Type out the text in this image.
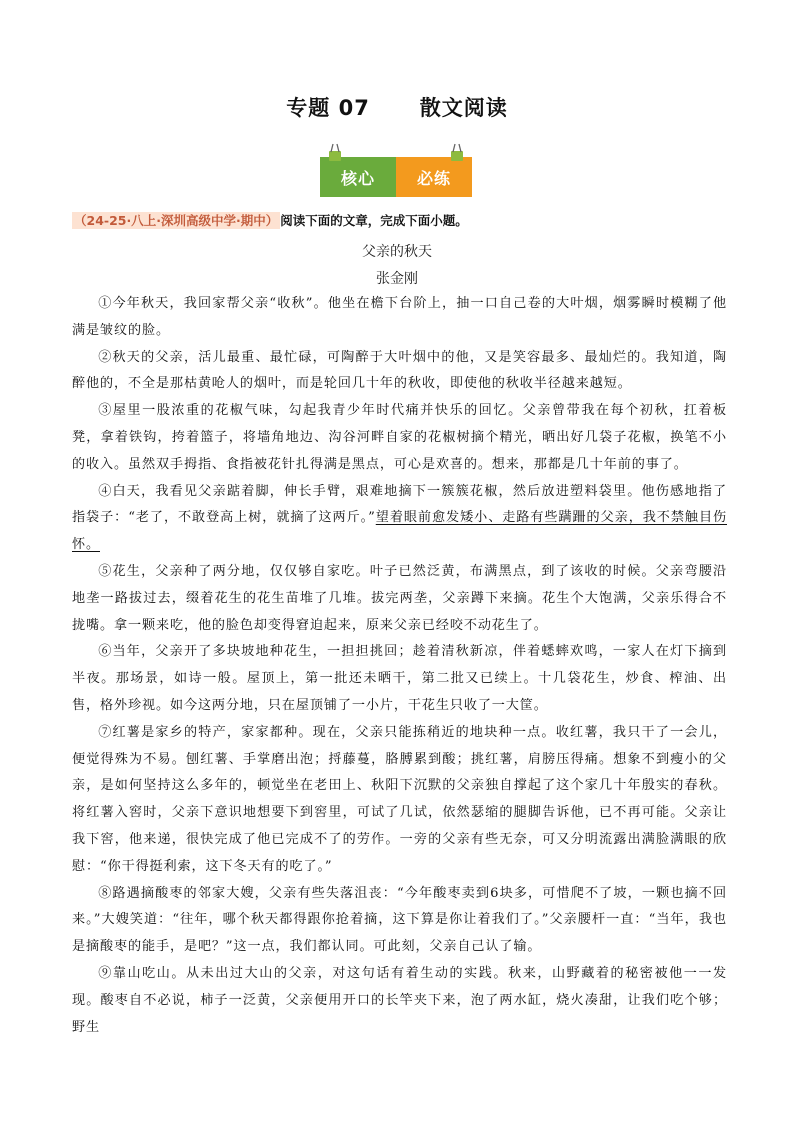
专题 07      散文阅读
核心	必练
（24-25·八上·深圳高级中学·期中） 阅读下面的文章，完成下面小题。
父亲的秋天
张金刚

①今年秋天，我回家帮父亲“收秋”。他坐在檐下台阶上，抽一口自己卷的大叶烟，烟雾瞬时模糊了他满是皱纹的脸。

②秋天的父亲，活儿最重、最忙碌，可陶醉于大叶烟中的他，又是笑容最多、最灿烂的。我知道，陶醉他的，不全是那枯黄呛人的烟叶，而是轮回几十年的秋收，即使他的秋收半径越来越短。

③屋里一股浓重的花椒气味，勾起我青少年时代痛并快乐的回忆。父亲曾带我在每个初秋，扛着板凳，拿着铁钩，挎着篮子，将墙角地边、沟谷河畔自家的花椒树摘个精光，晒出好几袋子花椒，换笔不小的收入。虽然双手拇指、食指被花针扎得满是黑点，可心是欢喜的。想来，那都是几十年前的事了。

④白天，我看见父亲踮着脚，伸长手臂，艰难地摘下一簇簇花椒，然后放进塑料袋里。他伤感地指了指袋子：“老了，不敢登高上树，就摘了这两斤。”望着眼前愈发矮小、走路有些蹒跚的父亲，我不禁触目伤怀。

⑤花生，父亲种了两分地，仅仅够自家吃。叶子已然泛黄，布满黑点，到了该收的时候。父亲弯腰沿地垄一路拔过去，缀着花生的花生苗堆了几堆。拔完两垄，父亲蹲下来摘。花生个大饱满，父亲乐得合不拢嘴。拿一颗来吃，他的脸色却变得窘迫起来，原来父亲已经咬不动花生了。

⑥当年，父亲开了多块坡地种花生，一担担挑回；趁着清秋新凉，伴着蟋蟀欢鸣，一家人在灯下摘到半夜。那场景，如诗一般。屋顶上，第一批还未晒干，第二批又已续上。十几袋花生，炒食、榨油、出售，格外珍视。如今这两分地，只在屋顶铺了一小片，干花生只收了一大筐。

⑦红薯是家乡的特产，家家都种。现在，父亲只能拣稍近的地块种一点。收红薯，我只干了一会儿，便觉得殊为不易。刨红薯、手掌磨出泡；捋藤蔓，胳膊累到酸；挑红薯，肩膀压得痛。想象不到瘦小的父亲，是如何坚持这么多年的，顿觉坐在老田上、秋阳下沉默的父亲独自撑起了这个家几十年殷实的春秋。将红薯入窖时，父亲下意识地想要下到窖里，可试了几试，依然瑟缩的腿脚告诉他，已不再可能。父亲让我下窖，他来递，很快完成了他已完成不了的劳作。一旁的父亲有些无奈，可又分明流露出满脸满眼的欣慰：“你干得挺利索，这下冬天有的吃了。”

⑧路遇摘酸枣的邻家大嫂，父亲有些失落沮丧：“今年酸枣卖到6块多，可惜爬不了坡，一颗也摘不回来。”大嫂笑道：“往年，哪个秋天都得跟你抢着摘，这下算是你让着我们了。”父亲腰杆一直：“当年，我也是摘酸枣的能手，是吧？”这一点，我们都认同。可此刻，父亲自己认了输。

⑨靠山吃山。从未出过大山的父亲，对这句话有着生动的实践。秋来，山野藏着的秘密被他一一发现。酸枣自不必说，柿子一泛黄，父亲便用开口的长竿夹下来，泡了两水缸，烧火凑甜，让我们吃个够；野生
